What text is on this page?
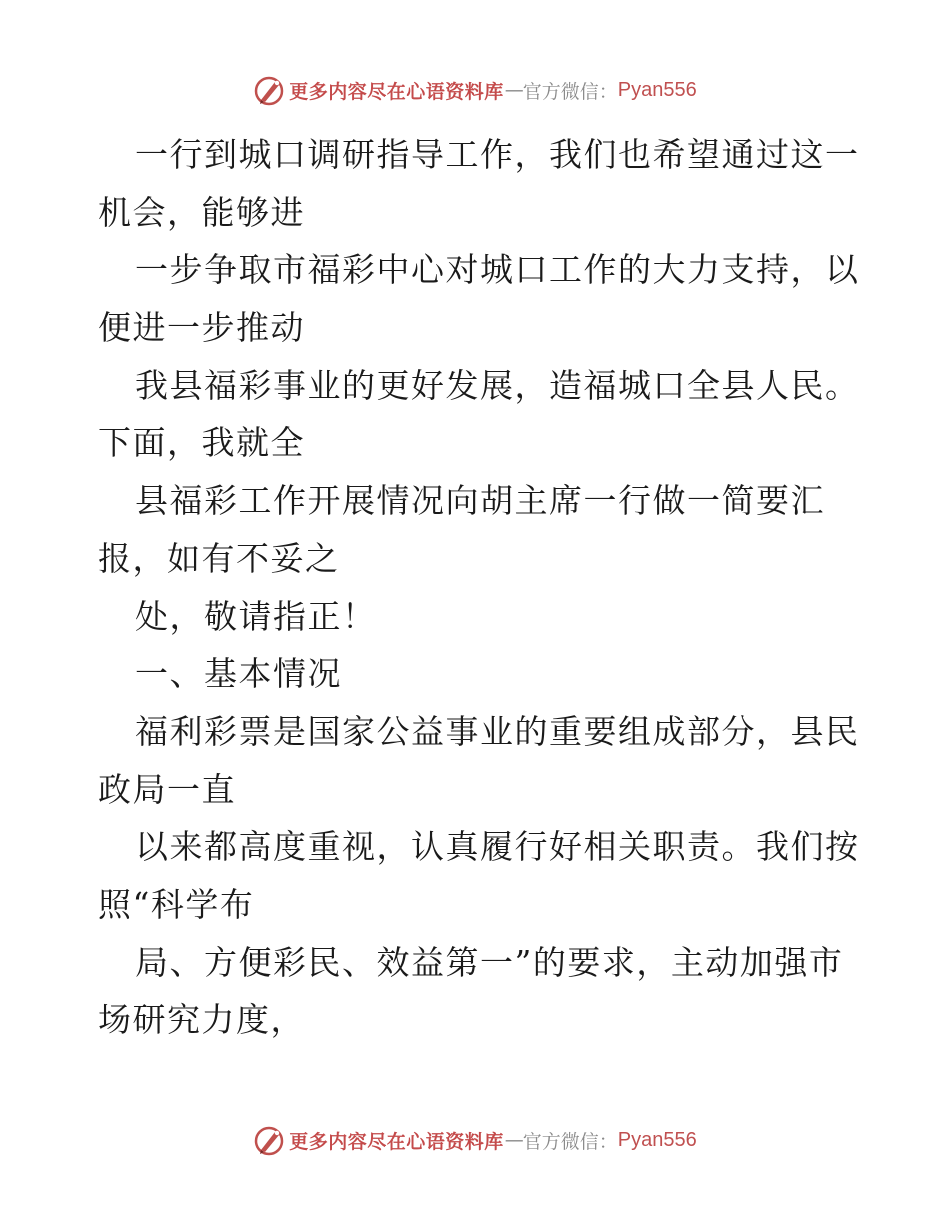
更多内容尽在心语资料库 — 官方微信： Pyan556
一行到城口调研指导工作，我们也希望通过这一
机会，能够进
一步争取市福彩中心对城口工作的大力支持，以
便进一步推动
我县福彩事业的更好发展，造福城口全县人民。
下面，我就全
县福彩工作开展情况向胡主席一行做一简要汇
报，如有不妥之
处，敬请指正！
一、基本情况
福利彩票是国家公益事业的重要组成部分，县民
政局一直
以来都高度重视，认真履行好相关职责。我们按
照“科学布
局、方便彩民、效益第一”的要求，主动加强市
场研究力度，
更多内容尽在心语资料库 — 官方微信： Pyan556
